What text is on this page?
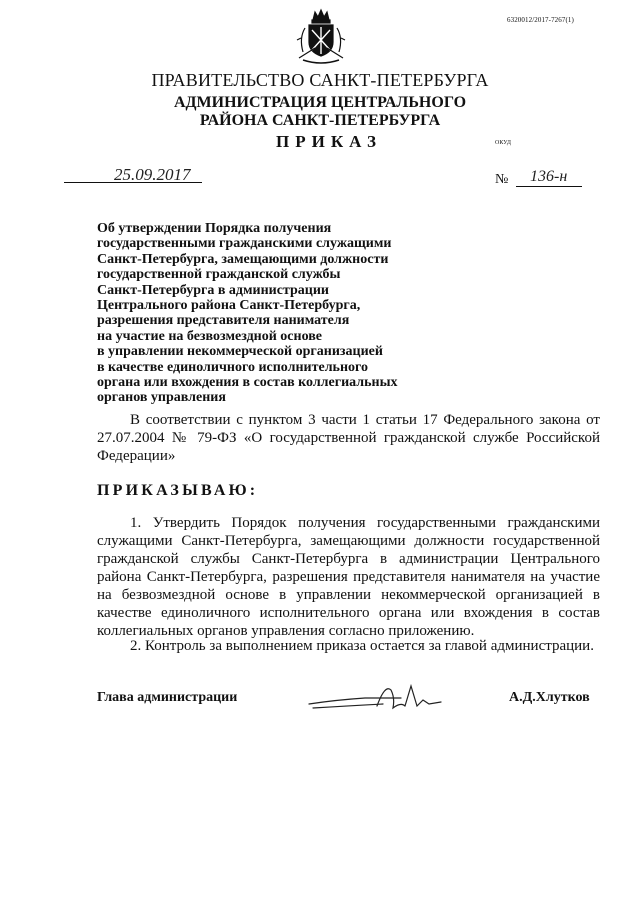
6320012/2017-7267(1)
ПРАВИТЕЛЬСТВО САНКТ-ПЕТЕРБУРГА
АДМИНИСТРАЦИЯ ЦЕНТРАЛЬНОГО
РАЙОНА САНКТ-ПЕТЕРБУРГА
ПРИКАЗ	ОКУД
25.09.2017	№ 136-н
Об утверждении Порядка получения
государственными гражданскими служащими
Санкт-Петербурга, замещающими должности
государственной гражданской службы
Санкт-Петербурга в администрации
Центрального района Санкт-Петербурга,
разрешения представителя нанимателя
на участие на безвозмездной основе
в управлении некоммерческой организацией
в качестве единоличного исполнительного
органа или вхождения в состав коллегиальных
органов управления
В соответствии с пунктом 3 части 1 статьи 17 Федерального закона от 27.07.2004 № 79-ФЗ «О государственной гражданской службе Российской Федерации»
ПРИКАЗЫВАЮ:
1. Утвердить Порядок получения государственными гражданскими служащими Санкт-Петербурга, замещающими должности государственной гражданской службы Санкт-Петербурга в администрации Центрального района Санкт-Петербурга, разрешения представителя нанимателя на участие на безвозмездной основе в управлении некоммерческой организацией в качестве единоличного исполнительного органа или вхождения в состав коллегиальных органов управления согласно приложению.
2. Контроль за выполнением приказа остается за главой администрации.
Глава администрации	А.Д.Хлутков
